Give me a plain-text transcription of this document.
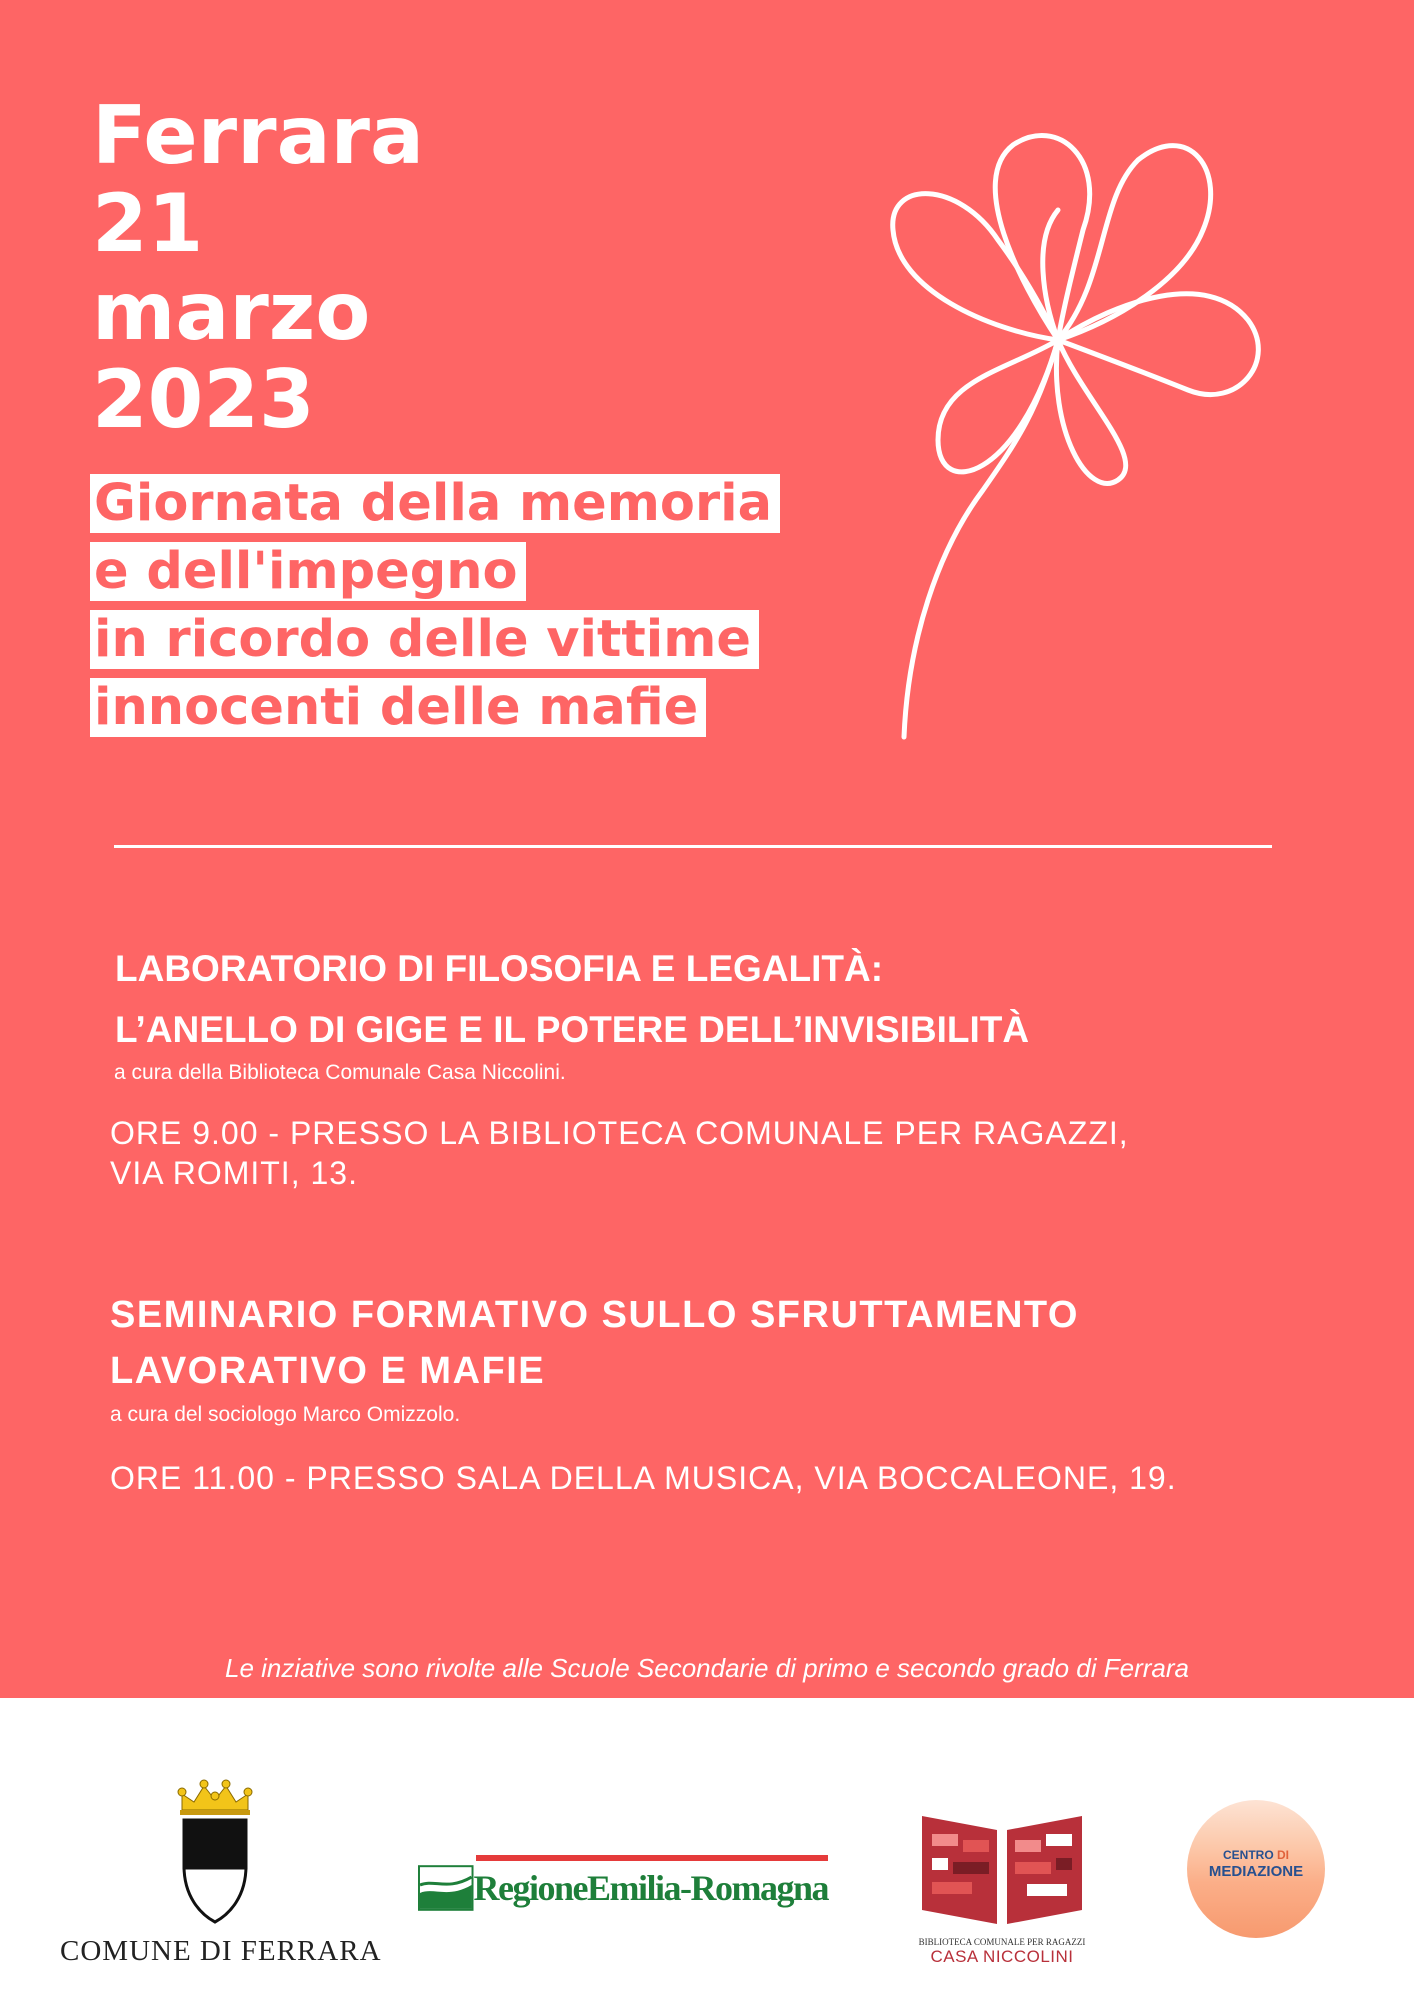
Ferrara
21
marzo
2023
Giornata della memoria
e dell'impegno
in ricordo delle vittime
innocenti delle mafie
LABORATORIO DI FILOSOFIA E LEGALITÀ:
L’ANELLO DI GIGE E IL POTERE DELL’INVISIBILITÀ
a cura della Biblioteca Comunale Casa Niccolini.
ORE 9.00 - PRESSO LA BIBLIOTECA COMUNALE PER RAGAZZI,
VIA ROMITI, 13.
SEMINARIO FORMATIVO SULLO SFRUTTAMENTO
LAVORATIVO E MAFIE
a cura del sociologo Marco Omizzolo.
ORE 11.00 - PRESSO SALA DELLA MUSICA, VIA BOCCALEONE, 19.
Le inziative sono rivolte alle Scuole Secondarie di primo e secondo grado di Ferrara
COMUNE DI FERRARA
RegioneEmilia-Romagna
BIBLIOTECA COMUNALE PER RAGAZZI
CASA NICCOLINI
CENTRO DI
MEDIAZIONE
